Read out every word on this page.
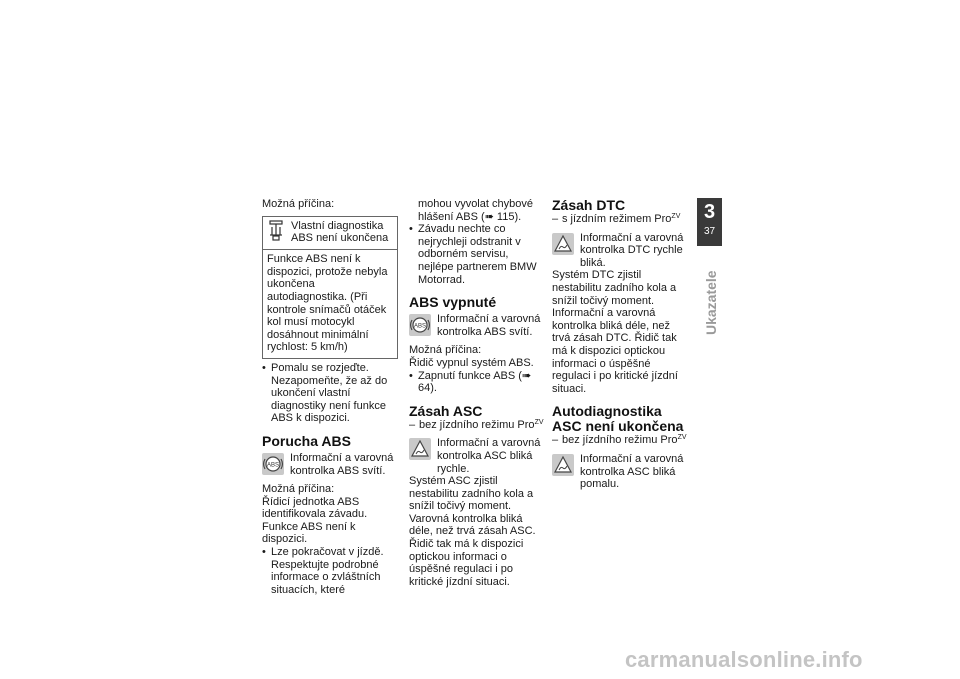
Možná příčina:

Vlastní diagnostika ABS není ukončena
Funkce ABS není k dispozici, protože nebyla ukončena autodiagnostika. (Při kontrole snímačů otáček kol musí motocykl dosáhnout minimální rychlost: 5 km/h)

• Pomalu se rozjeďte. Nezapomeňte, že až do ukončení vlastní diagnostiky není funkce ABS k dispozici.

Porucha ABS
ABS

Informační a varovná kontrolka ABS svítí.

Možná příčina:

Řídicí jednotka ABS identifikovala závadu. Funkce ABS není k dispozici.

• Lze pokračovat v jízdě. Respektujte podrobné informace o zvláštních situacích, které

mohou vyvolat chybové hlášení ABS (➠ 115).

• Závadu nechte co nejrychleji odstranit v odborném servisu, nejlépe partnerem BMW Motorrad.

ABS vypnuté
ABS

Informační a varovná kontrolka ABS svítí.

Možná příčina:

Řidič vypnul systém ABS.

• Zapnutí funkce ABS (➠ 64).

Zásah ASC

– bez jízdního režimu Pro$^{ZV}$

Informační a varovná kontrolka ASC bliká rychle.

Systém ASC zjistil nestabilitu zadního kola a snížil točivý moment. Varovná kontrolka bliká déle, než trvá zásah ASC. Řidič tak má k dispozici optickou informaci o úspěšné regulaci i po kritické jízdní situaci.

Zásah DTC

– s jízdním režimem Pro$^{ZV}$

Informační a varovná kontrolka DTC rychle bliká.

Systém DTC zjistil nestabilitu zadního kola a snížil točivý moment. Informační a varovná kontrolka bliká déle, než trvá zásah DTC. Řidič tak má k dispozici optickou informaci o úspěšné regulaci i po kritické jízdní situaci.

Autodiagnostika ASC není ukončena

– bez jízdního režimu Pro$^{ZV}$

Informační a varovná kontrolka ASC bliká pomalu.

3
37
Ukazatele
carmanualsonline.info
